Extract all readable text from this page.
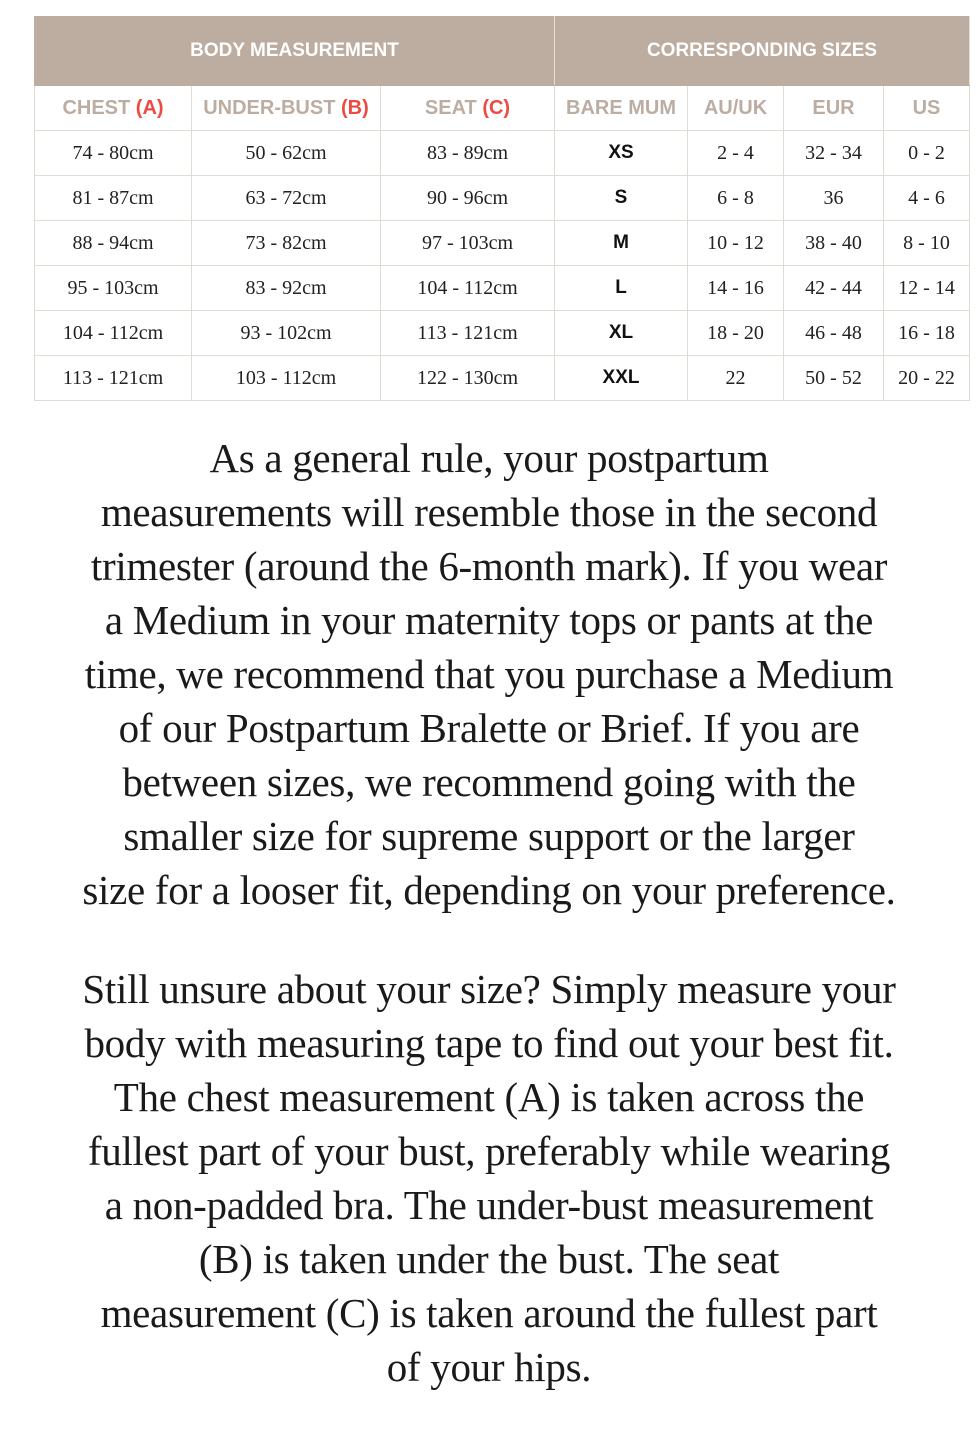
BODY MEASUREMENT			CORRESPONDING SIZES			
CHEST (A)	UNDER-BUST (B)	SEAT (C)	BARE MUM	AU/UK	EUR	US
74 - 80cm	50 - 62cm	83 - 89cm	XS	2 - 4	32 - 34	0 - 2
81 - 87cm	63 - 72cm	90 - 96cm	S	6 - 8	36	4 - 6
88 - 94cm	73 - 82cm	97 - 103cm	M	10 - 12	38 - 40	8 - 10
95 - 103cm	83 - 92cm	104 - 112cm	L	14 - 16	42 - 44	12 - 14
104 - 112cm	93 - 102cm	113 - 121cm	XL	18 - 20	46 - 48	16 - 18
113 - 121cm	103 - 112cm	122 - 130cm	XXL	22	50 - 52	20 - 22
As a general rule, your postpartum
measurements will resemble those in the second
trimester (around the 6-month mark). If you wear
a Medium in your maternity tops or pants at the
time, we recommend that you purchase a Medium
of our Postpartum Bralette or Brief. If you are
between sizes, we recommend going with the
smaller size for supreme support or the larger
size for a looser fit, depending on your preference.
Still unsure about your size? Simply measure your
body with measuring tape to find out your best fit.
The chest measurement (A) is taken across the
fullest part of your bust, preferably while wearing
a non-padded bra. The under-bust measurement
(B) is taken under the bust. The seat
measurement (C) is taken around the fullest part
of your hips.
